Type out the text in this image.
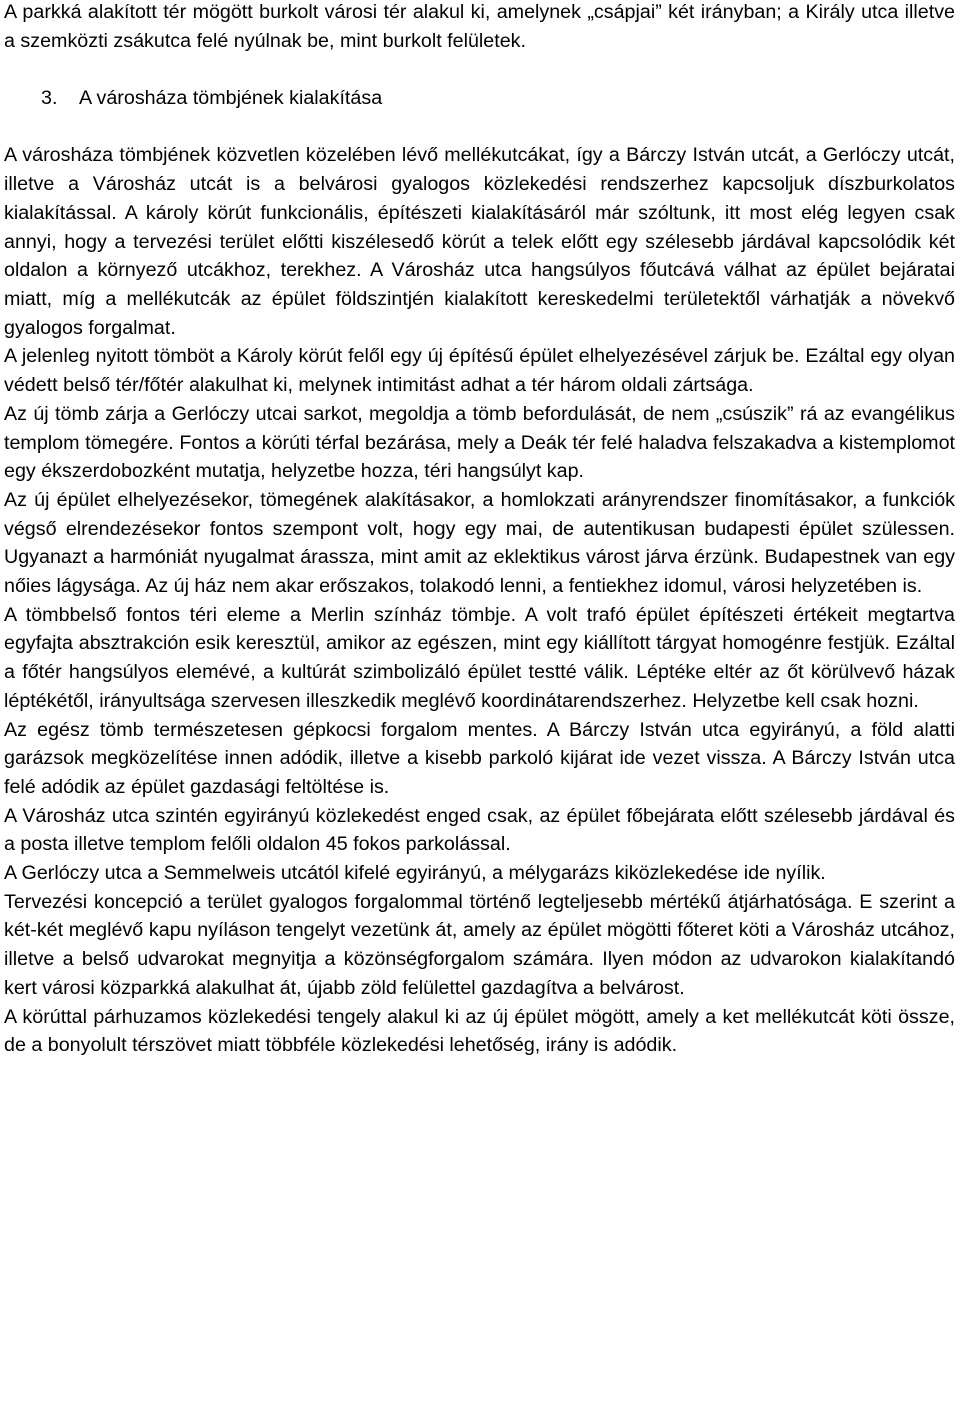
A parkká alakított tér mögött burkolt városi tér alakul ki, amelynek „csápjai” két irányban; a Király utca illetve a szemközti zsákutca felé nyúlnak be, mint burkolt felületek.

3. A városháza tömbjének kialakítása

A városháza tömbjének közvetlen közelében lévő mellékutcákat, így a Bárczy István utcát, a Gerlóczy utcát, illetve a Városház utcát is a belvárosi gyalogos közlekedési rendszerhez kapcsoljuk díszburkolatos kialakítással. A károly körút funkcionális, építészeti kialakításáról már szóltunk, itt most elég legyen csak annyi, hogy a tervezési terület előtti kiszélesedő körút a telek előtt egy szélesebb járdával kapcsolódik két oldalon a környező utcákhoz, terekhez. A Városház utca hangsúlyos főutcává válhat az épület bejáratai miatt, míg a mellékutcák az épület földszintjén kialakított kereskedelmi területektől várhatják a növekvő gyalogos forgalmat.

A jelenleg nyitott tömböt a Károly körút felől egy új építésű épület elhelyezésével zárjuk be. Ezáltal egy olyan védett belső tér/főtér alakulhat ki, melynek intimitást adhat a tér három oldali zártsága.

Az új tömb zárja a Gerlóczy utcai sarkot, megoldja a tömb befordulását, de nem „csúszik” rá az evangélikus templom tömegére. Fontos a körúti térfal bezárása, mely a Deák tér felé haladva felszakadva a kistemplomot egy ékszerdobozként mutatja, helyzetbe hozza, téri hangsúlyt kap.

Az új épület elhelyezésekor, tömegének alakításakor, a homlokzati arányrendszer finomításakor, a funkciók végső elrendezésekor fontos szempont volt, hogy egy mai, de autentikusan budapesti épület szülessen. Ugyanazt a harmóniát nyugalmat árassza, mint amit az eklektikus várost járva érzünk. Budapestnek van egy nőies lágysága. Az új ház nem akar erőszakos, tolakodó lenni, a fentiekhez idomul, városi helyzetében is.

A tömbbelső fontos téri eleme a Merlin színház tömbje. A volt trafó épület építészeti értékeit megtartva egyfajta absztrakción esik keresztül, amikor az egészen, mint egy kiállított tárgyat homogénre festjük. Ezáltal a főtér hangsúlyos elemévé, a kultúrát szimbolizáló épület testté válik. Léptéke eltér az őt körülvevő házak léptékétől, irányultsága szervesen illeszkedik meglévő koordinátarendszerhez. Helyzetbe kell csak hozni.

Az egész tömb természetesen gépkocsi forgalom mentes. A Bárczy István utca egyirányú, a föld alatti garázsok megközelítése innen adódik, illetve a kisebb parkoló kijárat ide vezet vissza. A Bárczy István utca felé adódik az épület gazdasági feltöltése is.

A Városház utca szintén egyirányú közlekedést enged csak, az épület főbejárata előtt szélesebb járdával és a posta illetve templom felőli oldalon 45 fokos parkolással.

A Gerlóczy utca a Semmelweis utcától kifelé egyirányú, a mélygarázs kiközlekedése ide nyílik.

Tervezési koncepció a terület gyalogos forgalommal történő legteljesebb mértékű átjárhatósága. E szerint a két-két meglévő kapu nyíláson tengelyt vezetünk át, amely az épület mögötti főteret köti a Városház utcához, illetve a belső udvarokat megnyitja a közönségforgalom számára. Ilyen módon az udvarokon kialakítandó kert városi közparkká alakulhat át, újabb zöld felülettel gazdagítva a belvárost.

A körúttal párhuzamos közlekedési tengely alakul ki az új épület mögött, amely a ket mellékutcát köti össze, de a bonyolult térszövet miatt többféle közlekedési lehetőség, irány is adódik.
